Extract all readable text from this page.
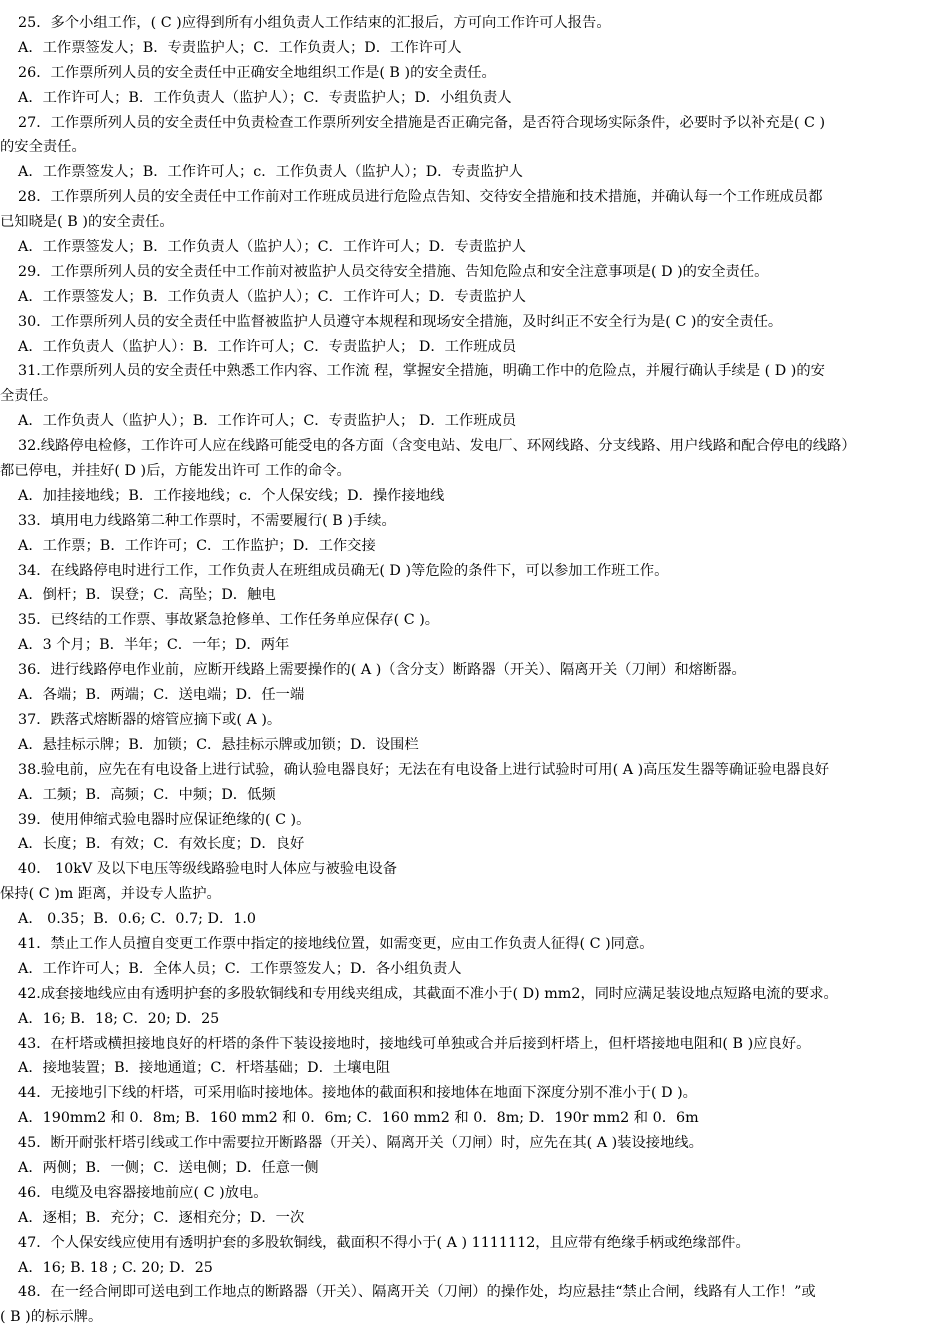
25．多个小组工作，( C )应得到所有小组负责人工作结束的汇报后，方可向工作许可人报告。
A．工作票签发人；B．专责监护人；C．工作负责人；D．工作许可人
26．工作票所列人员的安全责任中正确安全地组织工作是( B )的安全责任。
A．工作许可人；B．工作负责人（监护人）；C．专责监护人；D．小组负责人
27．工作票所列人员的安全责任中负责检查工作票所列安全措施是否正确完备，是否符合现场实际条件，必要时予以补充是( C )
的安全责任。
A．工作票签发人；B．工作许可人；c．工作负责人（监护人）；D．专责监护人
28．工作票所列人员的安全责任中工作前对工作班成员进行危险点告知、交待安全措施和技术措施，并确认每一个工作班成员都
已知晓是( B )的安全责任。
A．工作票签发人；B．工作负责人（监护人）；C．工作许可人；D．专责监护人
29．工作票所列人员的安全责任中工作前对被监护人员交待安全措施、告知危险点和安全注意事项是( D )的安全责任。
A．工作票签发人；B．工作负责人（监护人）；C．工作许可人；D．专责监护人
30．工作票所列人员的安全责任中监督被监护人员遵守本规程和现场安全措施，及时纠正不安全行为是( C )的安全责任。
A．工作负责人（监护人）：B．工作许可人；C．专责监护人； D．工作班成员
31.工作票所列人员的安全责任中熟悉工作内容、工作流 程，掌握安全措施，明确工作中的危险点，并履行确认手续是 ( D )的安
全责任。
A．工作负责人（监护人）；B．工作许可人；C．专责监护人； D．工作班成员
32.线路停电检修，工作许可人应在线路可能受电的各方面（含变电站、发电厂、环网线路、分支线路、用户线路和配合停电的线路）
都已停电，并挂好( D )后，方能发出许可 工作的命令。
A．加挂接地线；B．工作接地线；c．个人保安线；D．操作接地线
33．填用电力线路第二种工作票时，不需要履行( B )手续。
A．工作票；B．工作许可；C．工作监护；D．工作交接
34．在线路停电时进行工作，工作负责人在班组成员确无( D )等危险的条件下，可以参加工作班工作。
A．倒杆；B．误登；C．高坠；D．触电
35．已终结的工作票、事故紧急抢修单、工作任务单应保存( C )。
A．3 个月；B．半年；C．一年；D．两年
36．进行线路停电作业前，应断开线路上需要操作的( A )（含分支）断路器（开关）、隔离开关（刀闸）和熔断器。
A．各端；B．两端；C．送电端；D．任一端
37．跌落式熔断器的熔管应摘下或( A )。
A．悬挂标示牌；B．加锁；C．悬挂标示牌或加锁；D．设围栏
38.验电前，应先在有电设备上进行试验，确认验电器良好；无法在有电设备上进行试验时可用( A )高压发生器等确证验电器良好
A．工频；B．高频；C．中频；D．低频
39．使用伸缩式验电器时应保证绝缘的( C )。
A．长度；B．有效；C．有效长度；D．良好
40． 10kV 及以下电压等级线路验电时人体应与被验电设备
保持( C )m 距离，并设专人监护。
A． 0.35；B．0.6; C．0.7; D．1.0
41．禁止工作人员擅自变更工作票中指定的接地线位置，如需变更，应由工作负责人征得( C )同意。
A．工作许可人；B．全体人员；C．工作票签发人；D．各小组负责人
42.成套接地线应由有透明护套的多股软铜线和专用线夹组成，其截面不准小于( D) mm2，同时应满足装设地点短路电流的要求。
A．16; B．18; C．20; D．25
43．在杆塔或横担接地良好的杆塔的条件下装设接地时，接地线可单独或合并后接到杆塔上，但杆塔接地电阻和( B )应良好。
A．接地装置；B．接地通道；C．杆塔基础；D．土壤电阻
44．无接地引下线的杆塔，可采用临时接地体。接地体的截面积和接地体在地面下深度分别不准小于( D )。
A．190mm2 和 0．8m; B．160 mm2 和 0．6m; C．160 mm2 和 0．8m; D．190r mm2 和 0．6m
45．断开耐张杆塔引线或工作中需要拉开断路器（开关）、隔离开关（刀闸）时，应先在其( A )装设接地线。
A．两侧；B．一侧；C．送电侧；D．任意一侧
46．电缆及电容器接地前应( C )放电。
A．逐相；B．充分；C．逐相充分；D．一次
47．个人保安线应使用有透明护套的多股软铜线，截面积不得小于( A ) 1111112，且应带有绝缘手柄或绝缘部件。
A．16; B. 18 ; C. 20; D．25
48．在一经合闸即可送电到工作地点的断路器（开关）、隔离开关（刀闸）的操作处，均应悬挂“禁止合闸，线路有人工作！”或
( B )的标示牌。
